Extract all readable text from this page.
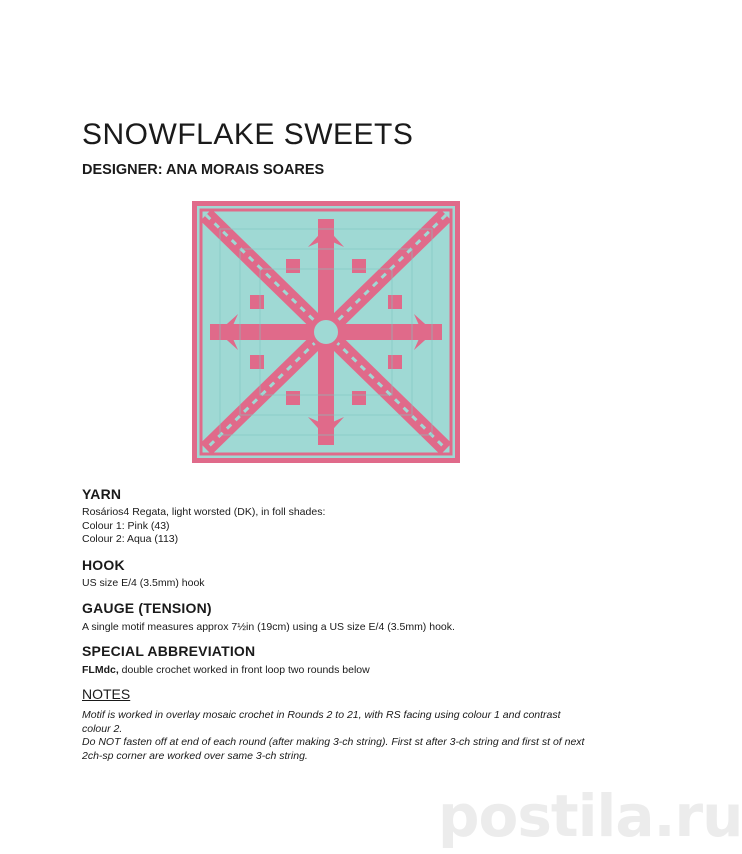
SNOWFLAKE SWEETS
DESIGNER: ANA MORAIS SOARES
YARN

Rosários4 Regata, light worsted (DK), in foll shades:
Colour 1: Pink (43)
Colour 2: Aqua (113)

HOOK

US size E/4 (3.5mm) hook

GAUGE (TENSION)

A single motif measures approx 7½in (19cm) using a US size E/4 (3.5mm) hook.

SPECIAL ABBREVIATION

FLMdc, double crochet worked in front loop two rounds below

NOTES

Motif is worked in overlay mosaic crochet in Rounds 2 to 21, with RS facing using colour 1 and contrast colour 2.
Do NOT fasten off at end of each round (after making 3-ch string). First st after 3-ch string and first st of next 2ch-sp corner are worked over same 3-ch string.

postila.ru
